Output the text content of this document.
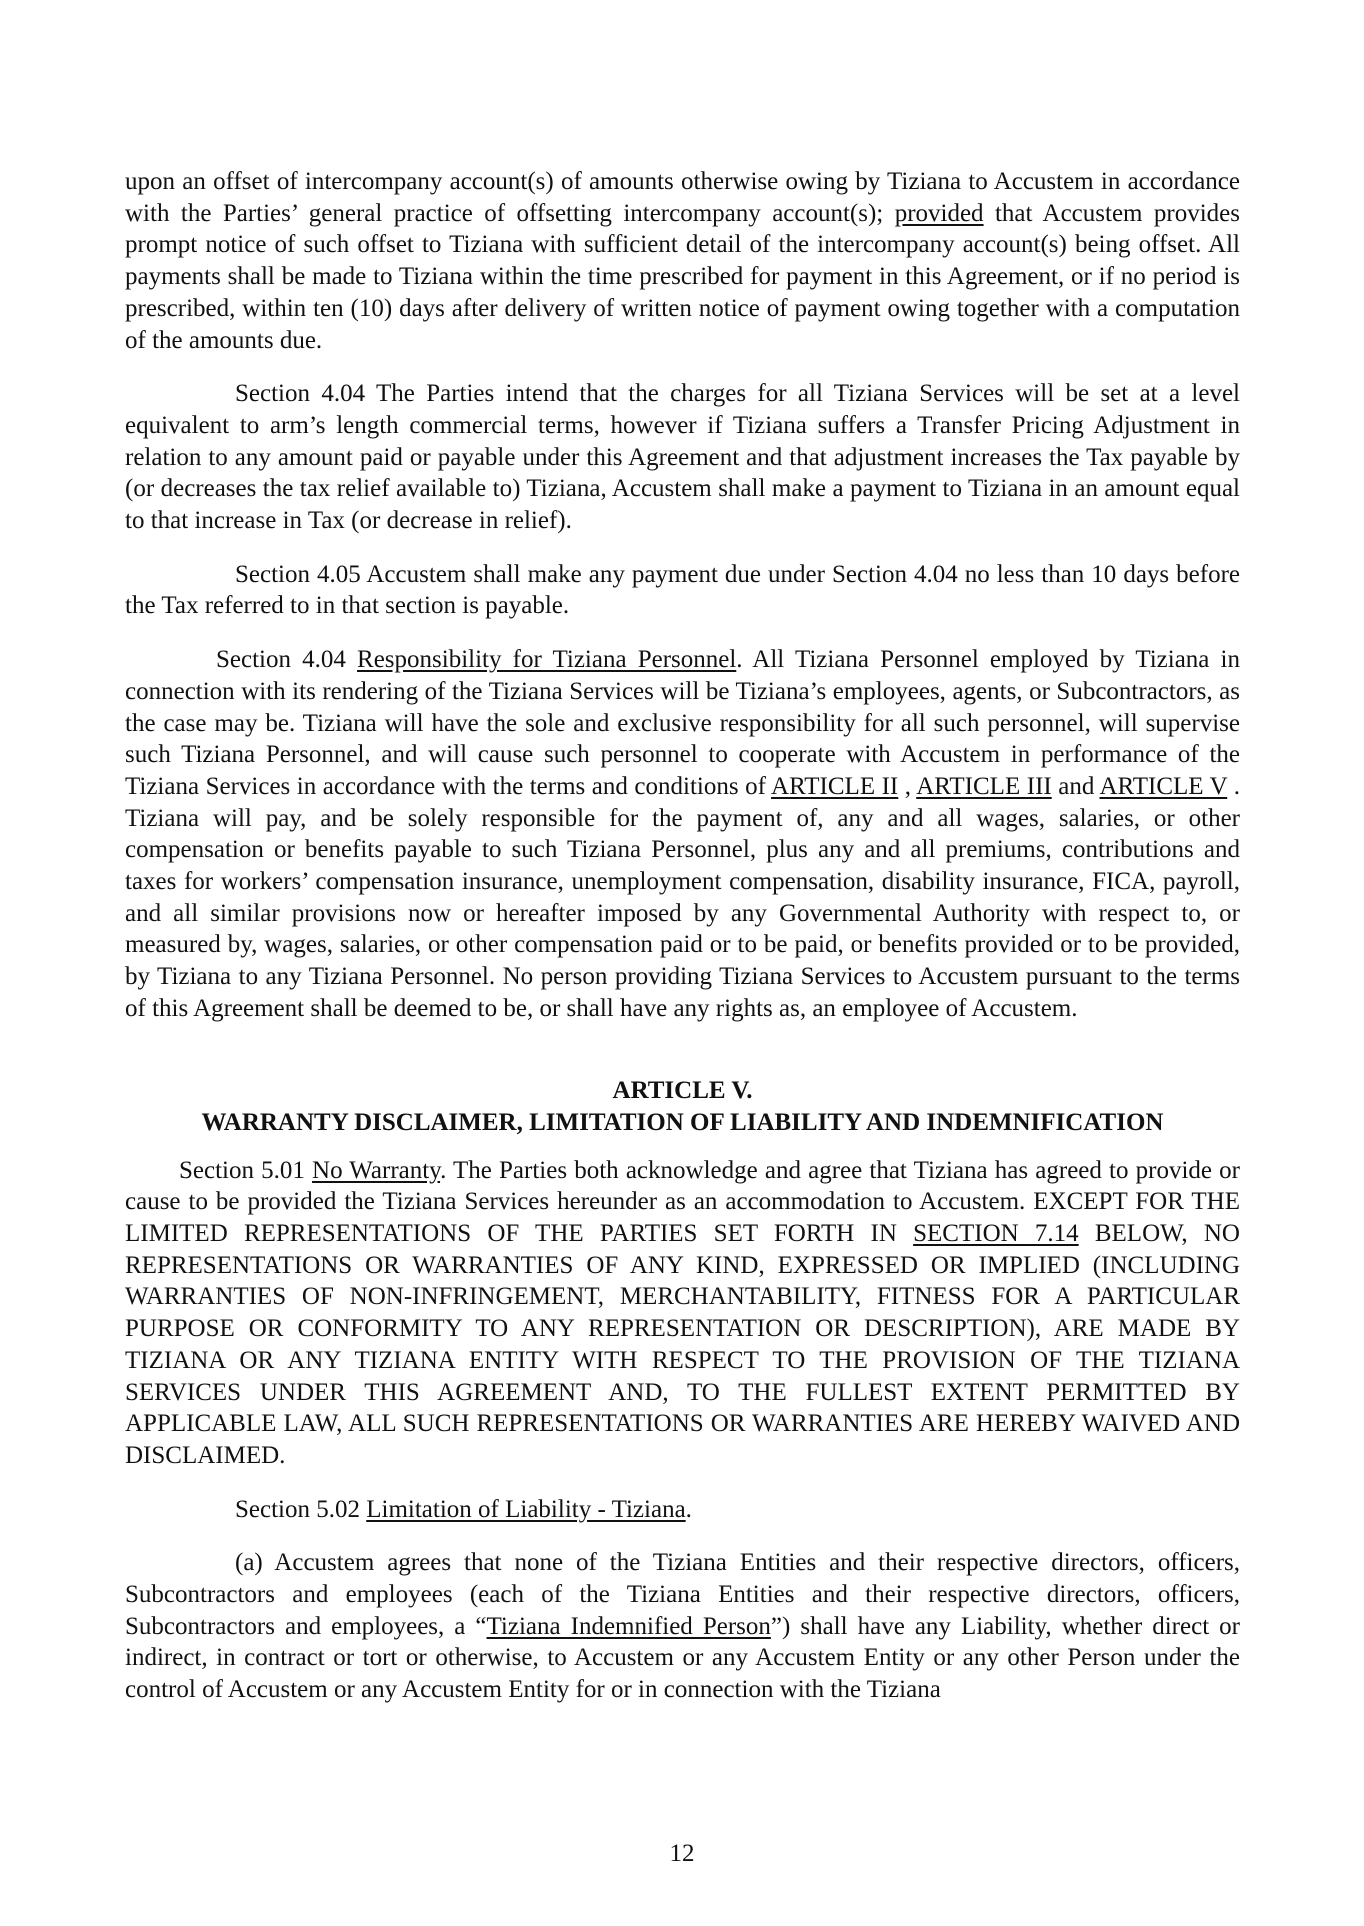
upon an offset of intercompany account(s) of amounts otherwise owing by Tiziana to Accustem in accordance with the Parties’ general practice of offsetting intercompany account(s); provided that Accustem provides prompt notice of such offset to Tiziana with sufficient detail of the intercompany account(s) being offset. All payments shall be made to Tiziana within the time prescribed for payment in this Agreement, or if no period is prescribed, within ten (10) days after delivery of written notice of payment owing together with a computation of the amounts due.

Section 4.04 The Parties intend that the charges for all Tiziana Services will be set at a level equivalent to arm’s length commercial terms, however if Tiziana suffers a Transfer Pricing Adjustment in relation to any amount paid or payable under this Agreement and that adjustment increases the Tax payable by (or decreases the tax relief available to) Tiziana, Accustem shall make a payment to Tiziana in an amount equal to that increase in Tax (or decrease in relief).

Section 4.05 Accustem shall make any payment due under Section 4.04 no less than 10 days before the Tax referred to in that section is payable.

Section 4.04 Responsibility for Tiziana Personnel. All Tiziana Personnel employed by Tiziana in connection with its rendering of the Tiziana Services will be Tiziana’s employees, agents, or Subcontractors, as the case may be. Tiziana will have the sole and exclusive responsibility for all such personnel, will supervise such Tiziana Personnel, and will cause such personnel to cooperate with Accustem in performance of the Tiziana Services in accordance with the terms and conditions of ARTICLE II , ARTICLE III and ARTICLE V . Tiziana will pay, and be solely responsible for the payment of, any and all wages, salaries, or other compensation or benefits payable to such Tiziana Personnel, plus any and all premiums, contributions and taxes for workers’ compensation insurance, unemployment compensation, disability insurance, FICA, payroll, and all similar provisions now or hereafter imposed by any Governmental Authority with respect to, or measured by, wages, salaries, or other compensation paid or to be paid, or benefits provided or to be provided, by Tiziana to any Tiziana Personnel. No person providing Tiziana Services to Accustem pursuant to the terms of this Agreement shall be deemed to be, or shall have any rights as, an employee of Accustem.

ARTICLE V.
WARRANTY DISCLAIMER, LIMITATION OF LIABILITY AND INDEMNIFICATION

Section 5.01 No Warranty. The Parties both acknowledge and agree that Tiziana has agreed to provide or cause to be provided the Tiziana Services hereunder as an accommodation to Accustem. EXCEPT FOR THE LIMITED REPRESENTATIONS OF THE PARTIES SET FORTH IN SECTION 7.14 BELOW, NO REPRESENTATIONS OR WARRANTIES OF ANY KIND, EXPRESSED OR IMPLIED (INCLUDING WARRANTIES OF NON-INFRINGEMENT, MERCHANTABILITY, FITNESS FOR A PARTICULAR PURPOSE OR CONFORMITY TO ANY REPRESENTATION OR DESCRIPTION), ARE MADE BY TIZIANA OR ANY TIZIANA ENTITY WITH RESPECT TO THE PROVISION OF THE TIZIANA SERVICES UNDER THIS AGREEMENT AND, TO THE FULLEST EXTENT PERMITTED BY APPLICABLE LAW, ALL SUCH REPRESENTATIONS OR WARRANTIES ARE HEREBY WAIVED AND DISCLAIMED.

Section 5.02 Limitation of Liability - Tiziana.

(a) Accustem agrees that none of the Tiziana Entities and their respective directors, officers, Subcontractors and employees (each of the Tiziana Entities and their respective directors, officers, Subcontractors and employees, a “Tiziana Indemnified Person”) shall have any Liability, whether direct or indirect, in contract or tort or otherwise, to Accustem or any Accustem Entity or any other Person under the control of Accustem or any Accustem Entity for or in connection with the Tiziana

12
